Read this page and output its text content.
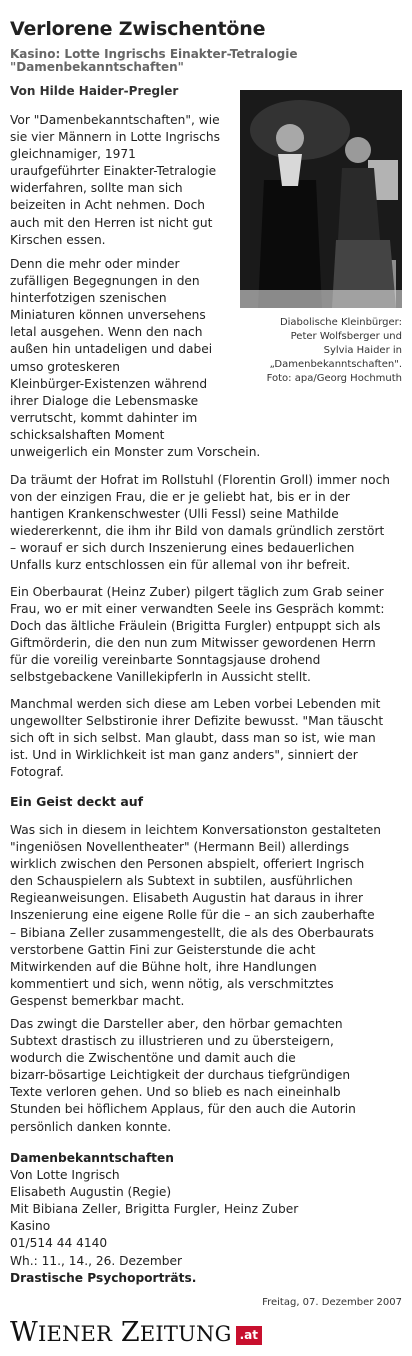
Verlorene Zwischentöne
Kasino: Lotte Ingrischs Einakter-Tetralogie
"Damenbekanntschaften"
Von Hilde Haider-Pregler
Diabolische Kleinbürger:
Peter Wolfsberger und
Sylvia Haider in
„Damenbekanntschaften".
Foto: apa/Georg Hochmuth
Vor "Damenbekanntschaften", wie
sie vier Männern in Lotte Ingrischs
gleichnamiger, 1971
uraufgeführter Einakter-Tetralogie
widerfahren, sollte man sich
beizeiten in Acht nehmen. Doch
auch mit den Herren ist nicht gut
Kirschen essen.
Denn die mehr oder minder
zufälligen Begegnungen in den
hinterfotzigen szenischen
Miniaturen können unversehens
letal ausgehen. Wenn den nach
außen hin untadeligen und dabei
umso groteskeren
Kleinbürger-Existenzen während
ihrer Dialoge die Lebensmaske
verrutscht, kommt dahinter im
schicksalshaften Moment
unweigerlich ein Monster zum Vorschein.
Da träumt der Hofrat im Rollstuhl (Florentin Groll) immer noch
von der einzigen Frau, die er je geliebt hat, bis er in der
hantigen Krankenschwester (Ulli Fessl) seine Mathilde
wiedererkennt, die ihm ihr Bild von damals gründlich zerstört
– worauf er sich durch Inszenierung eines bedauerlichen
Unfalls kurz entschlossen ein für allemal von ihr befreit.
Ein Oberbaurat (Heinz Zuber) pilgert täglich zum Grab seiner
Frau, wo er mit einer verwandten Seele ins Gespräch kommt:
Doch das ältliche Fräulein (Brigitta Furgler) entpuppt sich als
Giftmörderin, die den nun zum Mitwisser gewordenen Herrn
für die voreilig vereinbarte Sonntagsjause drohend
selbstgebackene Vanillekipferln in Aussicht stellt.
Manchmal werden sich diese am Leben vorbei Lebenden mit
ungewollter Selbstironie ihrer Defizite bewusst. "Man täuscht
sich oft in sich selbst. Man glaubt, dass man so ist, wie man
ist. Und in Wirklichkeit ist man ganz anders", sinniert der
Fotograf.
Ein Geist deckt auf
Was sich in diesem in leichtem Konversationston gestalteten
"ingeniösen Novellentheater" (Hermann Beil) allerdings
wirklich zwischen den Personen abspielt, offeriert Ingrisch
den Schauspielern als Subtext in subtilen, ausführlichen
Regieanweisungen. Elisabeth Augustin hat daraus in ihrer
Inszenierung eine eigene Rolle für die – an sich zauberhafte
– Bibiana Zeller zusammengestellt, die als des Oberbaurats
verstorbene Gattin Fini zur Geisterstunde die acht
Mitwirkenden auf die Bühne holt, ihre Handlungen
kommentiert und sich, wenn nötig, als verschmitztes
Gespenst bemerkbar macht.
Das zwingt die Darsteller aber, den hörbar gemachten
Subtext drastisch zu illustrieren und zu übersteigern,
wodurch die Zwischentöne und damit auch die
bizarr-bösartige Leichtigkeit der durchaus tiefgründigen
Texte verloren gehen. Und so blieb es nach eineinhalb
Stunden bei höflichem Applaus, für den auch die Autorin
persönlich danken konnte.
Damenbekanntschaften
Von Lotte Ingrisch
Elisabeth Augustin (Regie)
Mit Bibiana Zeller, Brigitta Furgler, Heinz Zuber
Kasino
01/514 44 4140
Wh.: 11., 14., 26. Dezember
Drastische Psychoporträts.
Freitag, 07. Dezember 2007
WIENER ZEITUNG .at
